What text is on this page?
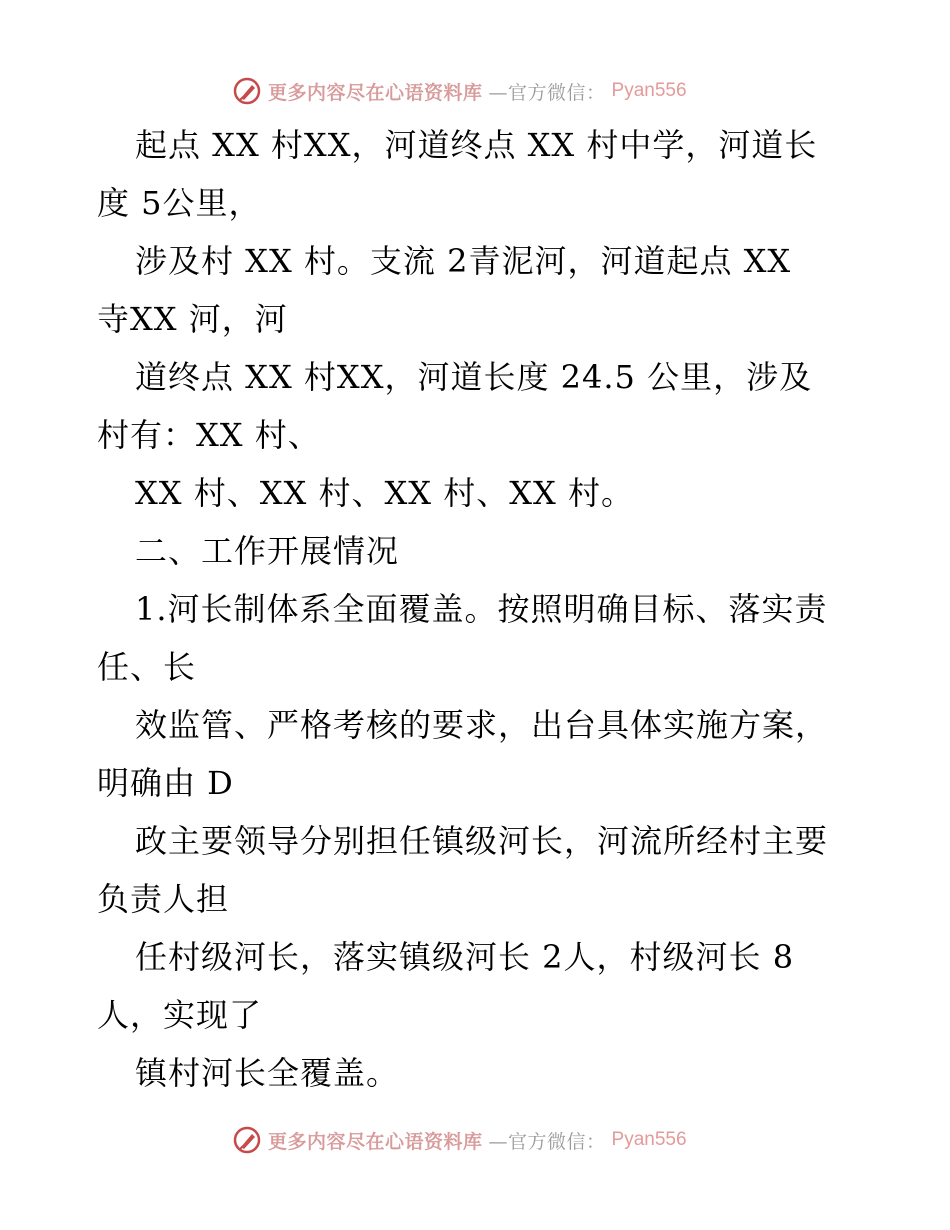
更多内容尽在心语资料库 —官方微信： Pyan556
起点 XX 村XX，河道终点 XX 村中学，河道长
度 5公里，
涉及村 XX 村。支流 2青泥河，河道起点 XX
寺XX 河，河
道终点 XX 村XX，河道长度 24.5 公里，涉及
村有：XX 村、
XX 村、XX 村、XX 村、XX 村。
二、工作开展情况
1.河长制体系全面覆盖。按照明确目标、落实责
任、长
效监管、严格考核的要求，出台具体实施方案，
明确由 D
政主要领导分别担任镇级河长，河流所经村主要
负责人担
任村级河长，落实镇级河长 2人，村级河长 8
人，实现了
镇村河长全覆盖。
更多内容尽在心语资料库 —官方微信： Pyan556
